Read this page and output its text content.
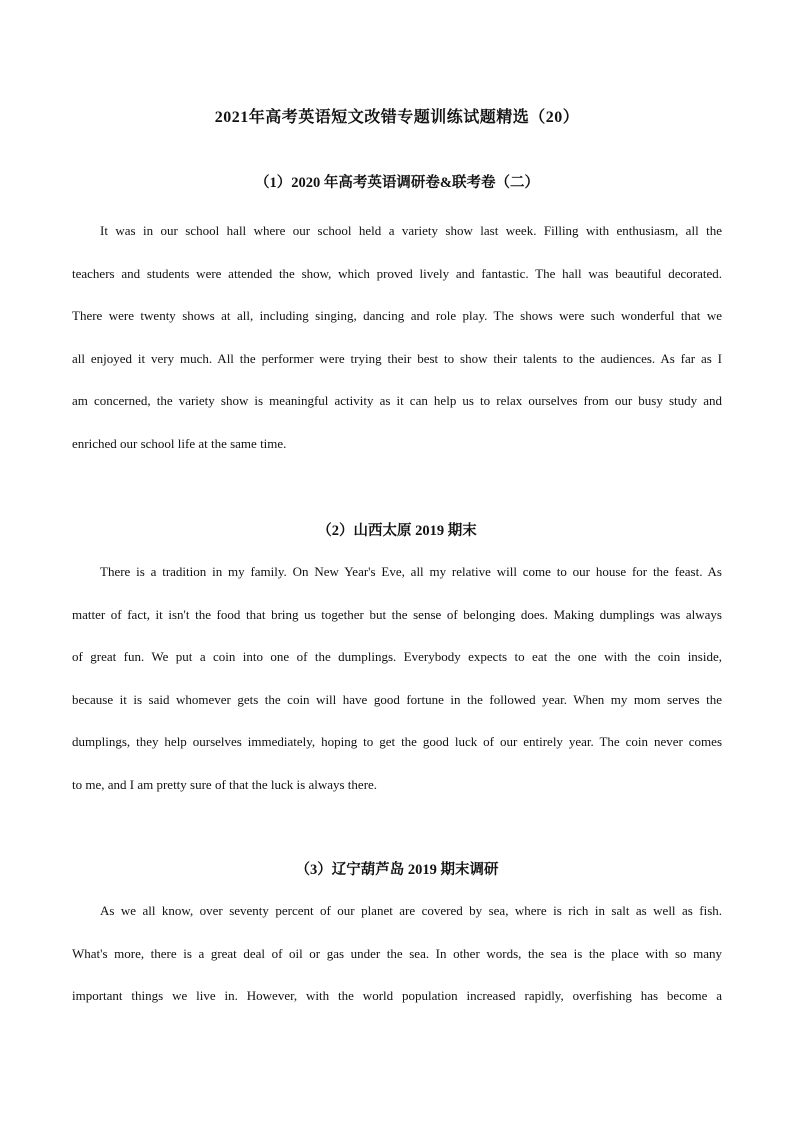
2021年高考英语短文改错专题训练试题精选（20）
（1）2020 年高考英语调研卷&联考卷（二）
It was in our school hall where our school held a variety show last week. Filling with enthusiasm, all the
teachers and students were attended the show, which proved lively and fantastic. The hall was beautiful decorated.
There were twenty shows at all, including singing, dancing and role play. The shows were such wonderful that we
all enjoyed it very much. All the performer were trying their best to show their talents to the audiences. As far as I
am concerned, the variety show is meaningful activity as it can help us to relax ourselves from our busy study and
enriched our school life at the same time.
（2）山西太原 2019 期末
There is a tradition in my family. On New Year's Eve, all my relative will come to our house for the feast. As
matter of fact, it isn't the food that bring us together but the sense of belonging does. Making dumplings was always
of great fun. We put a coin into one of the dumplings. Everybody expects to eat the one with the coin inside,
because it is said whomever gets the coin will have good fortune in the followed year. When my mom serves the
dumplings, they help ourselves immediately, hoping to get the good luck of our entirely year. The coin never comes
to me, and I am pretty sure of that the luck is always there.
（3）辽宁葫芦岛 2019 期末调研
As we all know, over seventy percent of our planet are covered by sea, where is rich in salt as well as fish.
What's more, there is a great deal of oil or gas under the sea. In other words, the sea is the place with so many
important things we live in. However, with the world population increased rapidly, overfishing has become a
